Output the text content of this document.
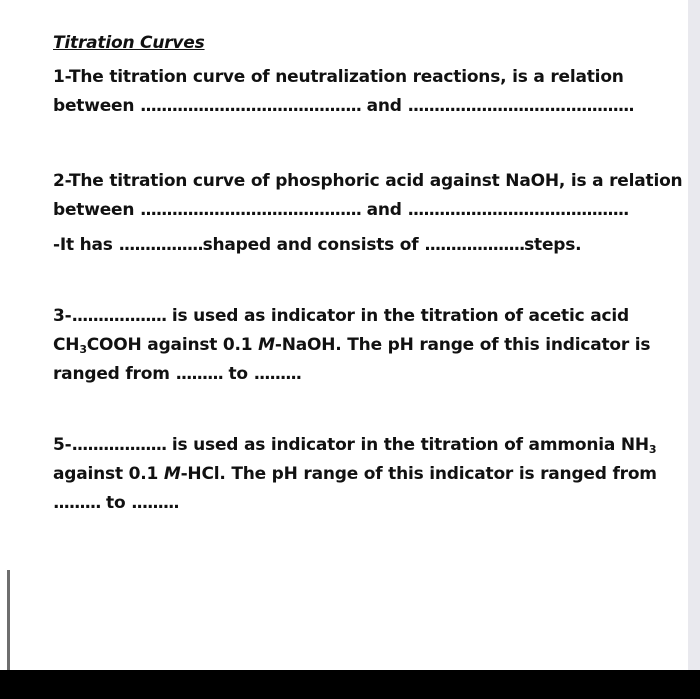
Titration Curves
1-The titration curve of neutralization reactions, is a relation
between .......................................... and ...........................................
2-The titration curve of phosphoric acid against NaOH, is a relation
between .......................................... and ..........................................
-It has ................shaped and consists of ...................steps.
3-.................. is used as indicator in the titration of acetic acid
$CH_3COOH$ against 0.1 M-NaOH. The pH range of this indicator is
ranged from ......... to .........
5-.................. is used as indicator in the titration of ammonia $NH_3$
against 0.1 M-HCl. The pH range of this indicator is ranged from
......... to .........
